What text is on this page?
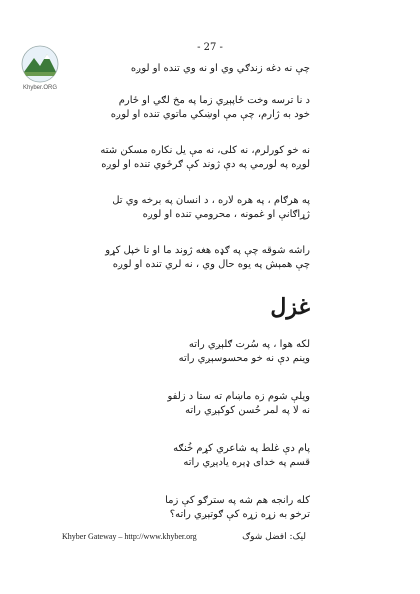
Khyber.ORG
- 27 -
چې نه دغه زندګي وي او نه وي تنده او لوږه
د نا ترسه وخت ځاپېږي زما په مخ لګي او ځارم
خود به ژارم، چې مې اوښکي ماتوي تنده او لوږه
نه خو کورلرم، نه کلی، نه مې یل نکاره مسکن شته
لوږه په لورمي په دې ژوند کې ګرځوي تنده او لوږه
په هرګام ، په هره لاره ، د انسان په برخه وي تل
ژړاګانې او غمونه ، محرومي تنده او لوږه
راشه شوقه چې په ګډه هغه ژوند ما او تا خپل کړو
چې همېش په یوه حال وي ، نه لري تنده او لوږه
غزل
لکه هوا ، په سُرت ګلېږي راته
وینم دې نه خو محسوسېږي راته
ویلې شوم زه ماښام ته ستا د زلفو
نه لا په لمر حُسن کوکېږي راته
پام دې غلط په شاعري کړم خُنګه
قسم په خدای ډېره یادېږي راته
کله رانجه هم شه په سترګو کې زما
ترخو به زړه زړه کې ګوتېږي راته؟
Khyber Gateway – http://www.khyber.org	لیک: افضل شوګ
